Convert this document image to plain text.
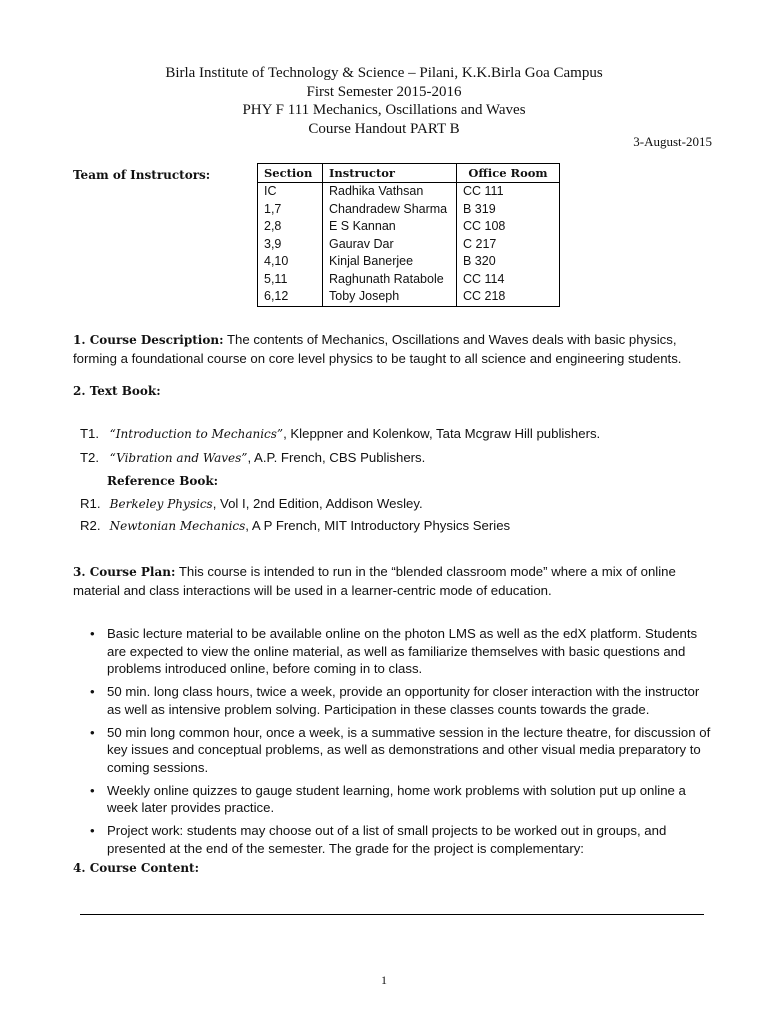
Birla Institute of Technology & Science – Pilani, K.K.Birla Goa Campus
First Semester 2015-2016
PHY F 111 Mechanics, Oscillations and Waves
Course Handout PART B
3-August-2015
Team of Instructors:	Section	Instructor	Office Room
IC	Radhika Vathsan	CC 111
1,7	Chandradew Sharma	B 319
2,8	E S Kannan	CC 108
3,9	Gaurav Dar	C 217
4,10	Kinjal Banerjee	B 320
5,11	Raghunath Ratabole	CC 114
6,12	Toby Joseph	CC 218
1. Course Description: The contents of Mechanics, Oscillations and Waves deals with basic physics, forming a foundational course on core level physics to be taught to all science and engineering students.
2. Text Book:
T1. “Introduction to Mechanics”, Kleppner and Kolenkow, Tata Mcgraw Hill publishers.
T2. “Vibration and Waves”, A.P. French, CBS Publishers.
Reference Book:
R1. Berkeley Physics, Vol I, 2nd Edition, Addison Wesley.
R2. Newtonian Mechanics, A P French, MIT Introductory Physics Series
3. Course Plan: This course is intended to run in the “blended classroom mode” where a mix of online material and class interactions will be used in a learner-centric mode of education.
• Basic lecture material to be available online on the photon LMS as well as the edX platform. Students are expected to view the online material, as well as familiarize themselves with basic questions and problems introduced online, before coming in to class.
• 50 min. long class hours, twice a week, provide an opportunity for closer interaction with the instructor as well as intensive problem solving. Participation in these classes counts towards the grade.
• 50 min long common hour, once a week, is a summative session in the lecture theatre, for discussion of key issues and conceptual problems, as well as demonstrations and other visual media preparatory to coming sessions.
• Weekly online quizzes to gauge student learning, home work problems with solution put up online a week later provides practice.
• Project work: students may choose out of a list of small projects to be worked out in groups, and presented at the end of the semester. The grade for the project is complementary:
4. Course Content:
1
